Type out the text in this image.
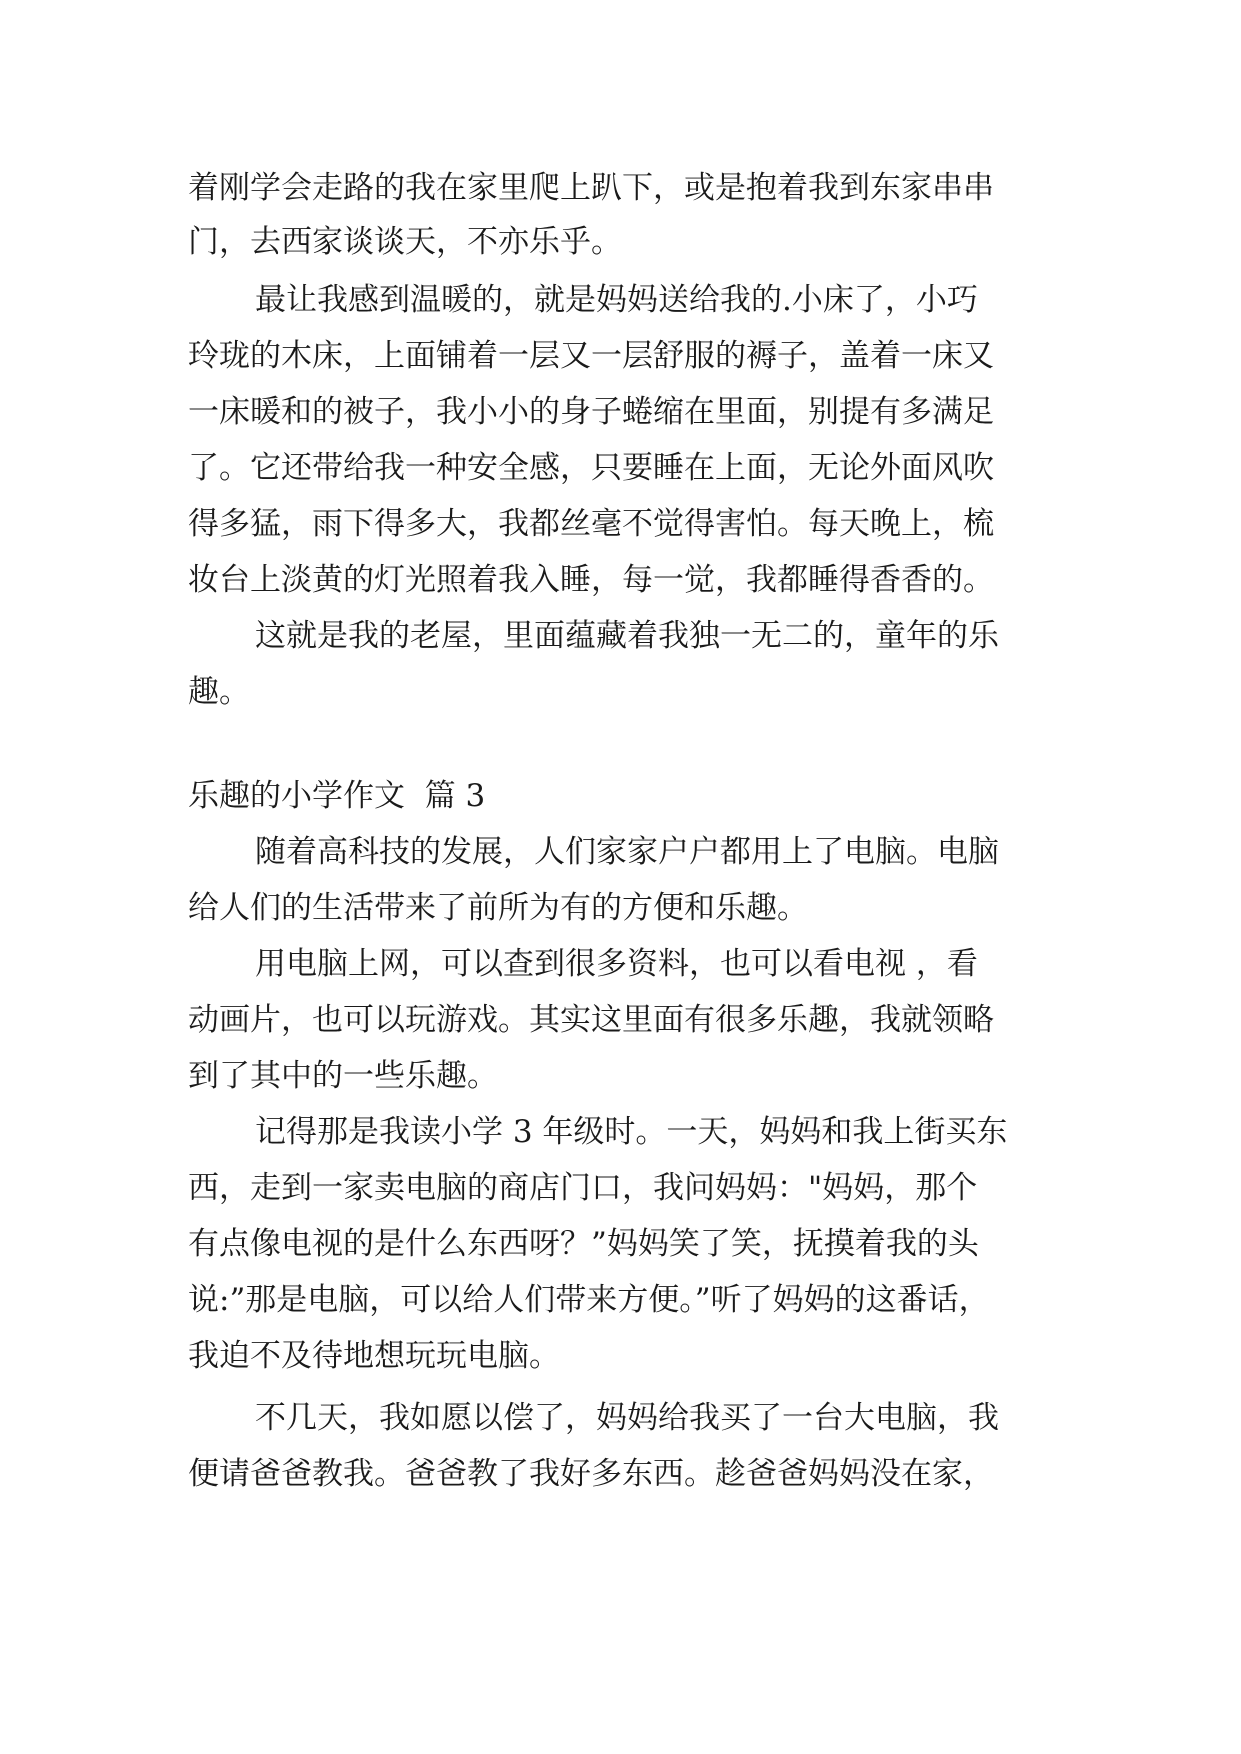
着刚学会走路的我在家里爬上趴下，或是抱着我到东家串串
门，去西家谈谈天，不亦乐乎。
最让我感到温暖的，就是妈妈送给我的.小床了，小巧
玲珑的木床，上面铺着一层又一层舒服的褥子，盖着一床又
一床暖和的被子，我小小的身子蜷缩在里面，别提有多满足
了。它还带给我一种安全感，只要睡在上面，无论外面风吹
得多猛，雨下得多大，我都丝毫不觉得害怕。每天晚上，梳
妆台上淡黄的灯光照着我入睡，每一觉，我都睡得香香的。
这就是我的老屋，里面蕴藏着我独一无二的，童年的乐
趣。
乐趣的小学作文  篇 3
随着高科技的发展，人们家家户户都用上了电脑。电脑
给人们的生活带来了前所为有的方便和乐趣。
用电脑上网，可以查到很多资料，也可以看电视 ，看
动画片，也可以玩游戏。其实这里面有很多乐趣，我就领略
到了其中的一些乐趣。
记得那是我读小学 3 年级时。一天，妈妈和我上街买东
西，走到一家卖电脑的商店门口，我问妈妈："妈妈，那个
有点像电视的是什么东西呀？”妈妈笑了笑，抚摸着我的头
说:”那是电脑，可以给人们带来方便。”听了妈妈的这番话，
我迫不及待地想玩玩电脑。
不几天，我如愿以偿了，妈妈给我买了一台大电脑，我
便请爸爸教我。爸爸教了我好多东西。趁爸爸妈妈没在家，
